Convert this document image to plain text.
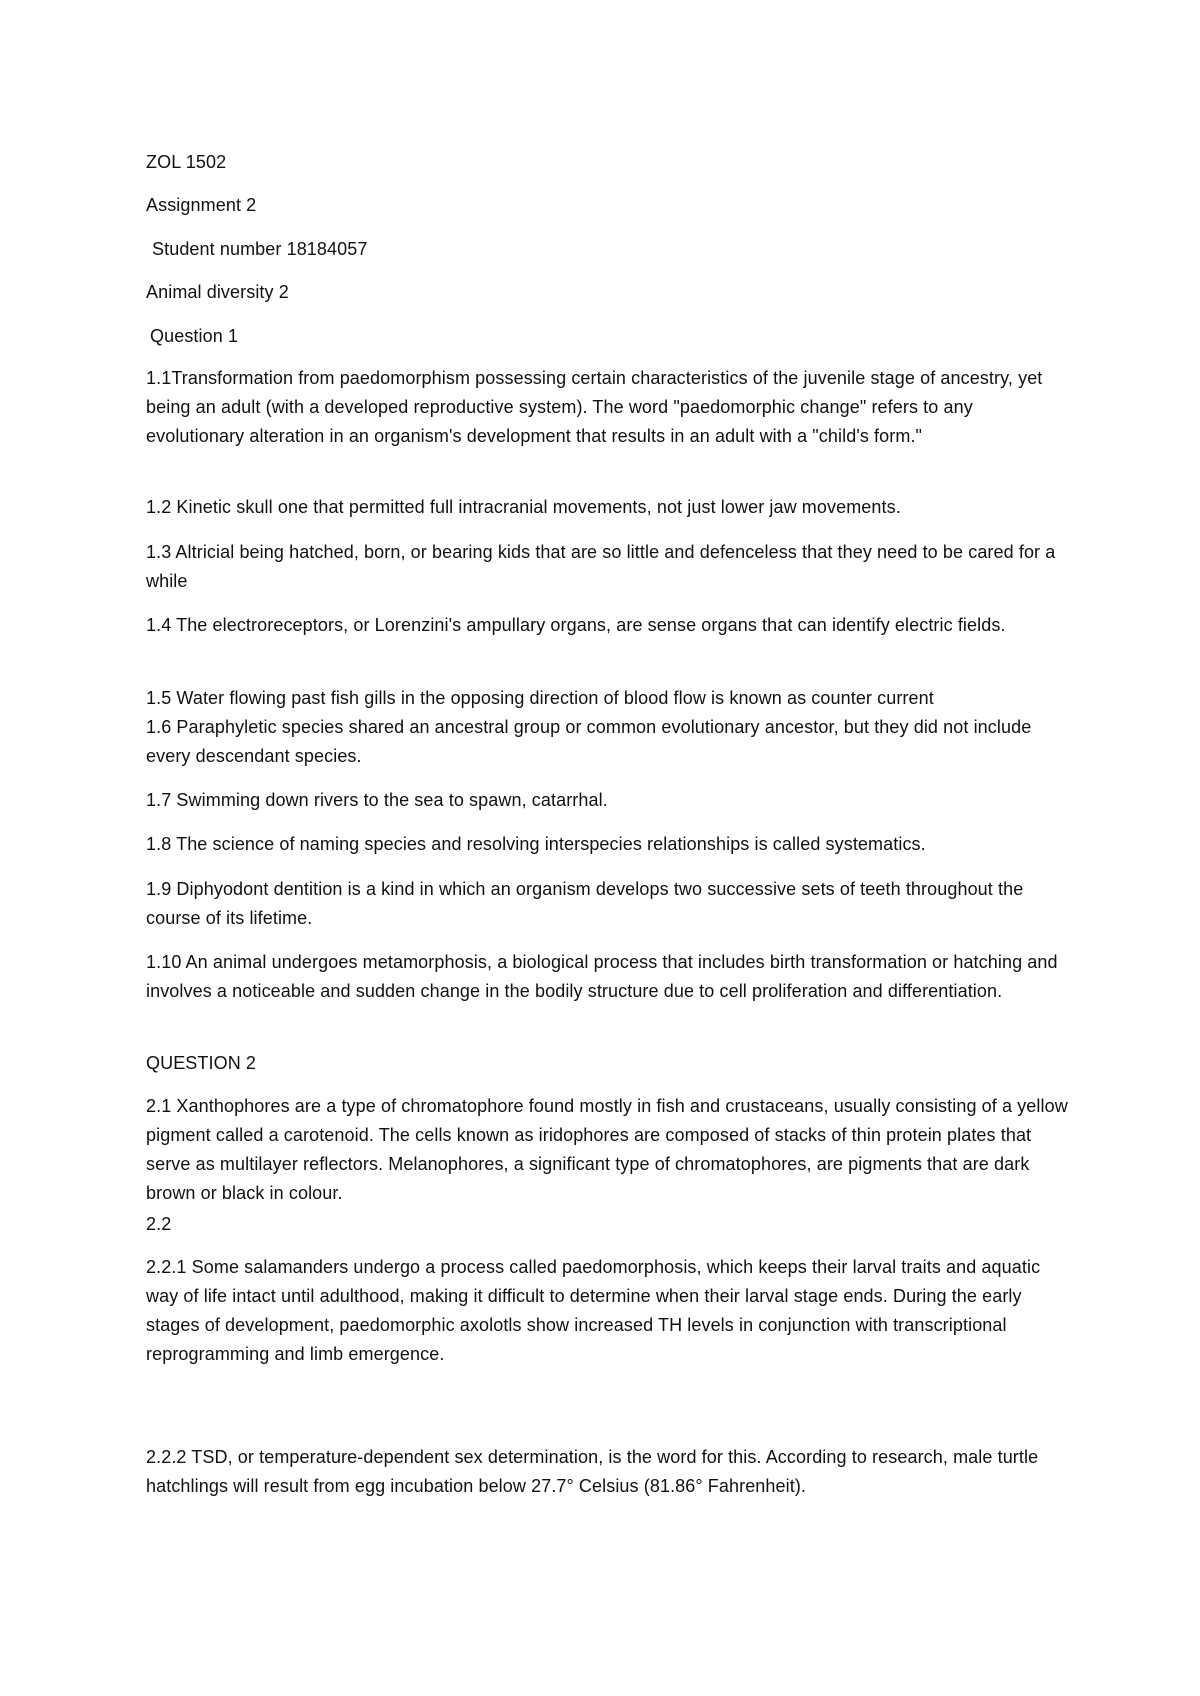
ZOL 1502

Assignment 2

Student number 18184057

Animal diversity 2

Question 1

1.1Transformation from paedomorphism possessing certain characteristics of the juvenile stage of ancestry, yet being an adult (with a developed reproductive system). The word "paedomorphic change" refers to any evolutionary alteration in an organism's development that results in an adult with a "child's form."

1.2 Kinetic skull one that permitted full intracranial movements, not just lower jaw movements.

1.3 Altricial being hatched, born, or bearing kids that are so little and defenceless that they need to be cared for a while

1.4 The electroreceptors, or Lorenzini's ampullary organs, are sense organs that can identify electric fields.

1.5 Water flowing past fish gills in the opposing direction of blood flow is known as counter current

1.6 Paraphyletic species shared an ancestral group or common evolutionary ancestor, but they did not include every descendant species.

1.7 Swimming down rivers to the sea to spawn, catarrhal.

1.8 The science of naming species and resolving interspecies relationships is called systematics.

1.9 Diphyodont dentition is a kind in which an organism develops two successive sets of teeth throughout the course of its lifetime.

1.10 An animal undergoes metamorphosis, a biological process that includes birth transformation or hatching and involves a noticeable and sudden change in the bodily structure due to cell proliferation and differentiation.

QUESTION 2

2.1 Xanthophores are a type of chromatophore found mostly in fish and crustaceans, usually consisting of a yellow pigment called a carotenoid. The cells known as iridophores are composed of stacks of thin protein plates that serve as multilayer reflectors. Melanophores, a significant type of chromatophores, are pigments that are dark brown or black in colour.

2.2

2.2.1 Some salamanders undergo a process called paedomorphosis, which keeps their larval traits and aquatic way of life intact until adulthood, making it difficult to determine when their larval stage ends. During the early stages of development, paedomorphic axolotls show increased TH levels in conjunction with transcriptional reprogramming and limb emergence.

2.2.2 TSD, or temperature-dependent sex determination, is the word for this. According to research, male turtle hatchlings will result from egg incubation below 27.7° Celsius (81.86° Fahrenheit).
